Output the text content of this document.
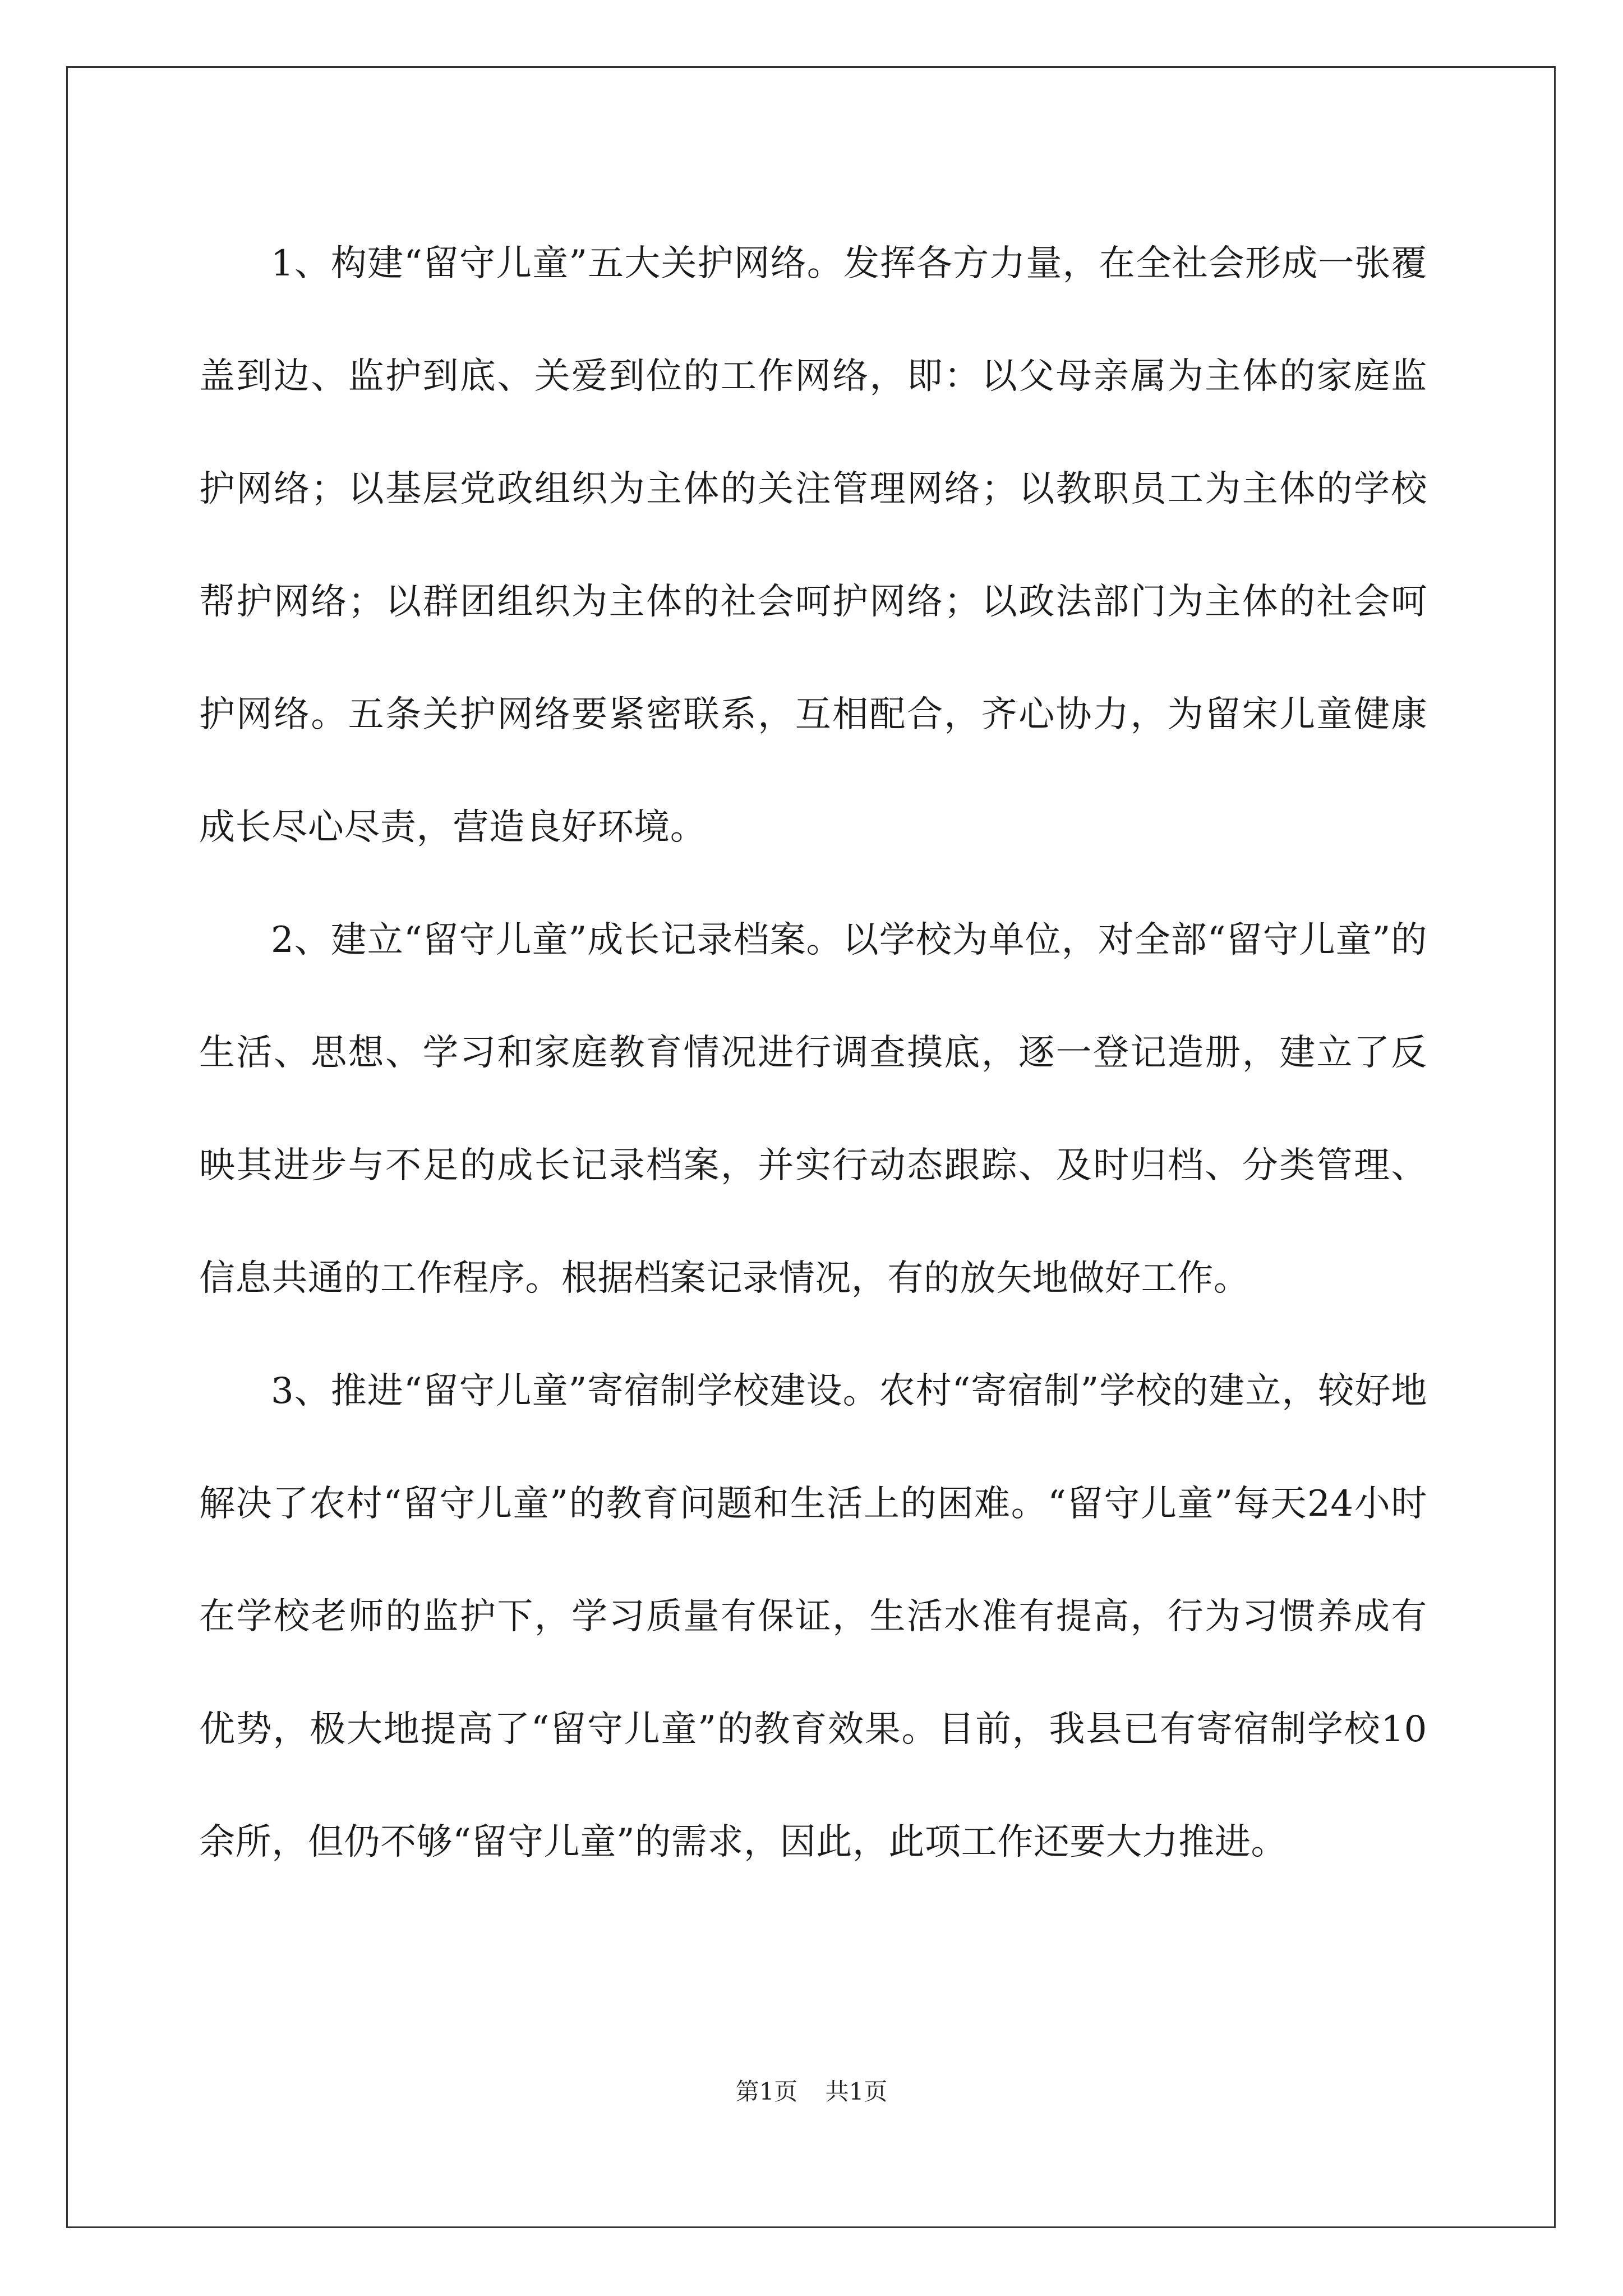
1、构建“留守儿童”五大关护网络。发挥各方力量，在全社会形成一张覆盖到边、监护到底、关爱到位的工作网络，即：以父母亲属为主体的家庭监护网络；以基层党政组织为主体的关注管理网络；以教职员工为主体的学校帮护网络；以群团组织为主体的社会呵护网络；以政法部门为主体的社会呵护网络。五条关护网络要紧密联系，互相配合，齐心协力，为留宋儿童健康成长尽心尽责，营造良好环境。

2、建立“留守儿童”成长记录档案。以学校为单位，对全部“留守儿童”的生活、思想、学习和家庭教育情况进行调查摸底，逐一登记造册，建立了反映其进步与不足的成长记录档案，并实行动态跟踪、及时归档、分类管理、信息共通的工作程序。根据档案记录情况，有的放矢地做好工作。

3、推进“留守儿童”寄宿制学校建设。农村“寄宿制”学校的建立，较好地解决了农村“留守儿童”的教育问题和生活上的困难。“留守儿童”每天24小时在学校老师的监护下，学习质量有保证，生活水准有提高，行为习惯养成有优势，极大地提高了“留守儿童”的教育效果。目前，我县已有寄宿制学校10余所，但仍不够“留守儿童”的需求，因此，此项工作还要大力推进。

第1页 共1页
